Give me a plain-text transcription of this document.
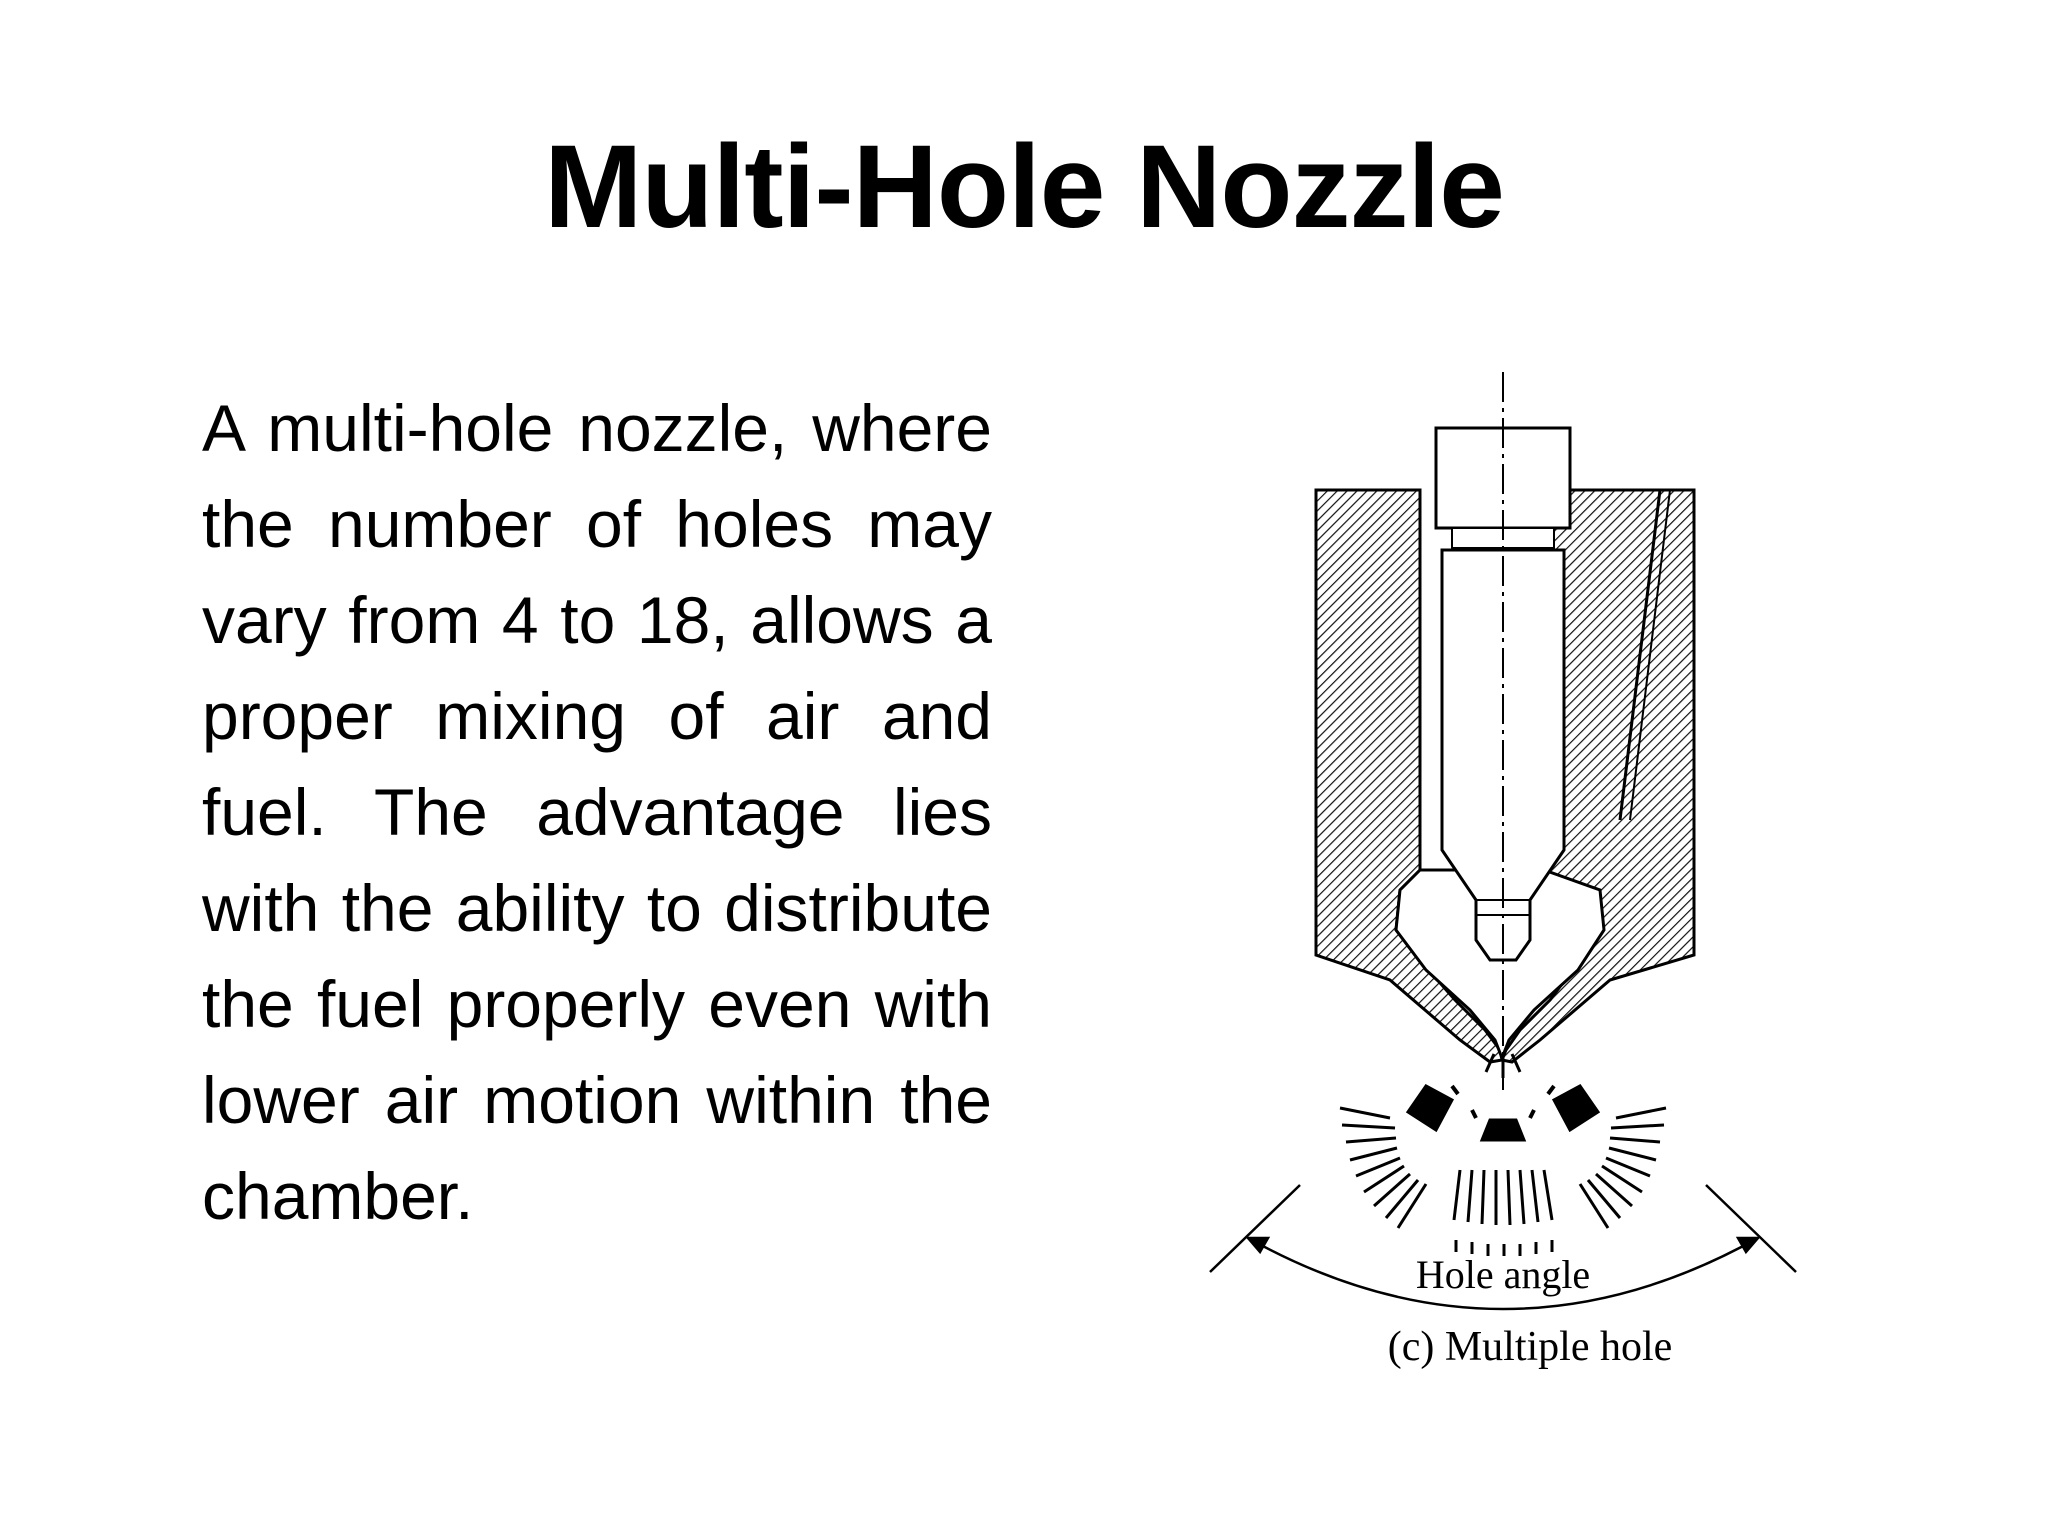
Multi-Hole Nozzle

A multi-hole nozzle, where the number of holes may vary from 4 to 18, allows a proper mixing of air and fuel. The advantage lies with the ability to distribute the fuel properly even with lower air motion within the chamber.

Hole angle
(c) Multiple hole
